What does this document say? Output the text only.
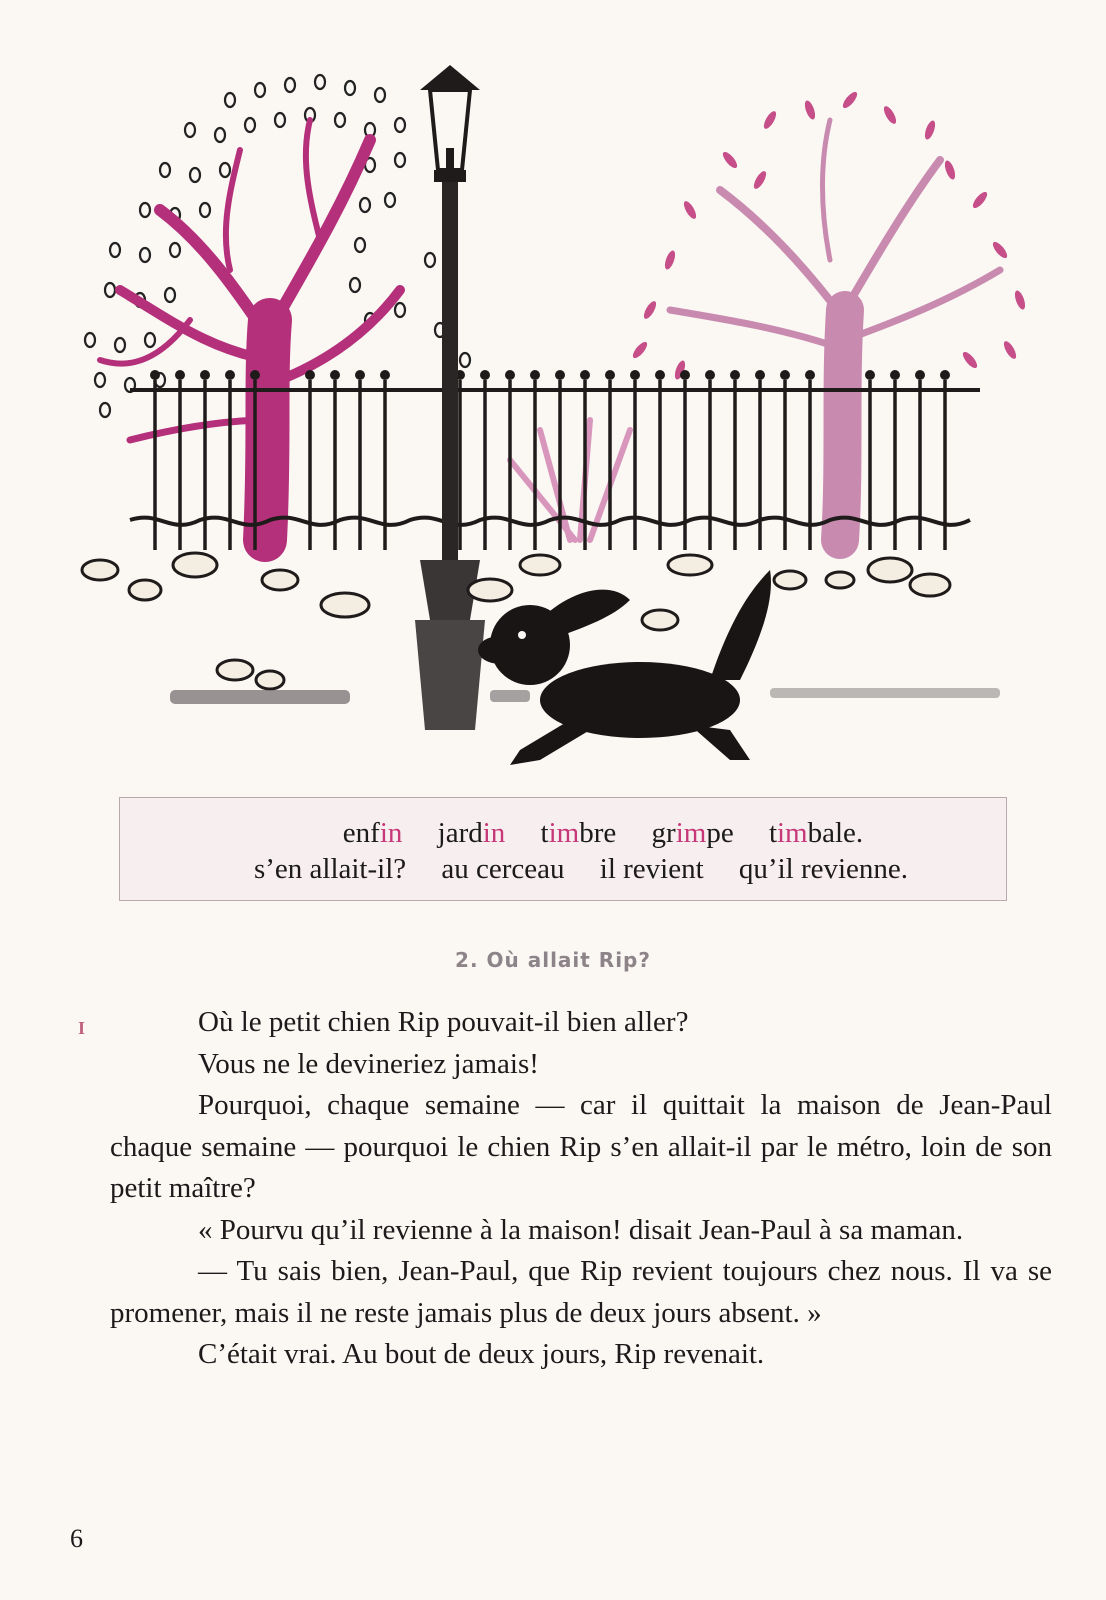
enfin jardin timbre grimpe timbale.
s’en allait-il? au cerceau il revient qu’il revienne.
2. Où allait Rip?
I	Où le petit chien Rip pouvait-il bien aller?

Vous ne le devineriez jamais!

Pourquoi, chaque semaine — car il quittait la maison de Jean-Paul chaque semaine — pourquoi le chien Rip s’en allait-il par le métro, loin de son petit maître?

« Pourvu qu’il revienne à la maison! disait Jean-Paul à sa maman.

— Tu sais bien, Jean-Paul, que Rip revient toujours chez nous. Il va se promener, mais il ne reste jamais plus de deux jours absent. »

C’était vrai. Au bout de deux jours, Rip revenait.

6
